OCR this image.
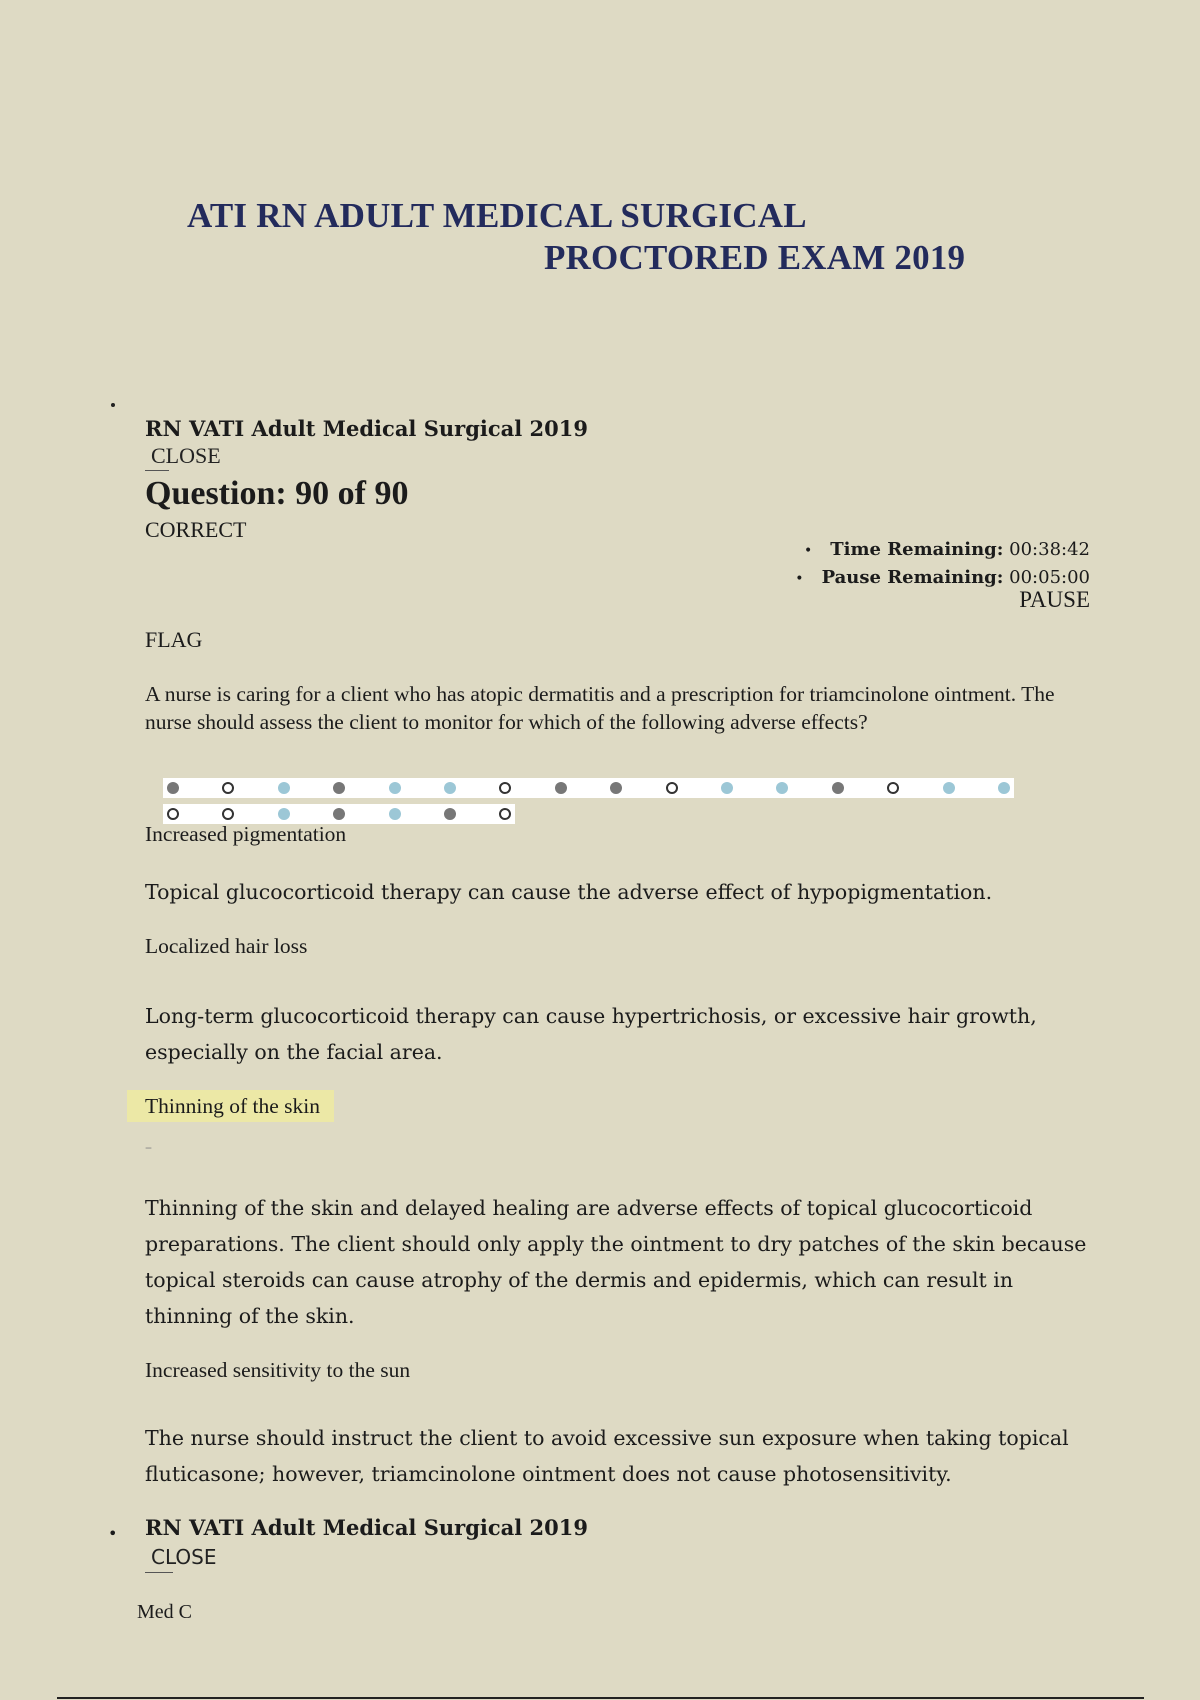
ATI RN ADULT MEDICAL SURGICAL
PROCTORED EXAM 2019
RN VATI Adult Medical Surgical 2019
CLOSE
Question: 90 of 90
CORRECT
• Time Remaining: 00:38:42
• Pause Remaining: 00:05:00
PAUSE
FLAG

A nurse is caring for a client who has atopic dermatitis and a prescription for triamcinolone ointment. The nurse should assess the client to monitor for which of the following adverse effects?

Increased pigmentation

Topical glucocorticoid therapy can cause the adverse effect of hypopigmentation.

Localized hair loss

Long-term glucocorticoid therapy can cause hypertrichosis, or excessive hair growth, especially on the facial area.

Thinning of the skin
–

Thinning of the skin and delayed healing are adverse effects of topical glucocorticoid preparations. The client should only apply the ointment to dry patches of the skin because topical steroids can cause atrophy of the dermis and epidermis, which can result in thinning of the skin.

Increased sensitivity to the sun

The nurse should instruct the client to avoid excessive sun exposure when taking topical fluticasone; however, triamcinolone ointment does not cause photosensitivity.

• RN VATI Adult Medical Surgical 2019
CLOSE
Med C
